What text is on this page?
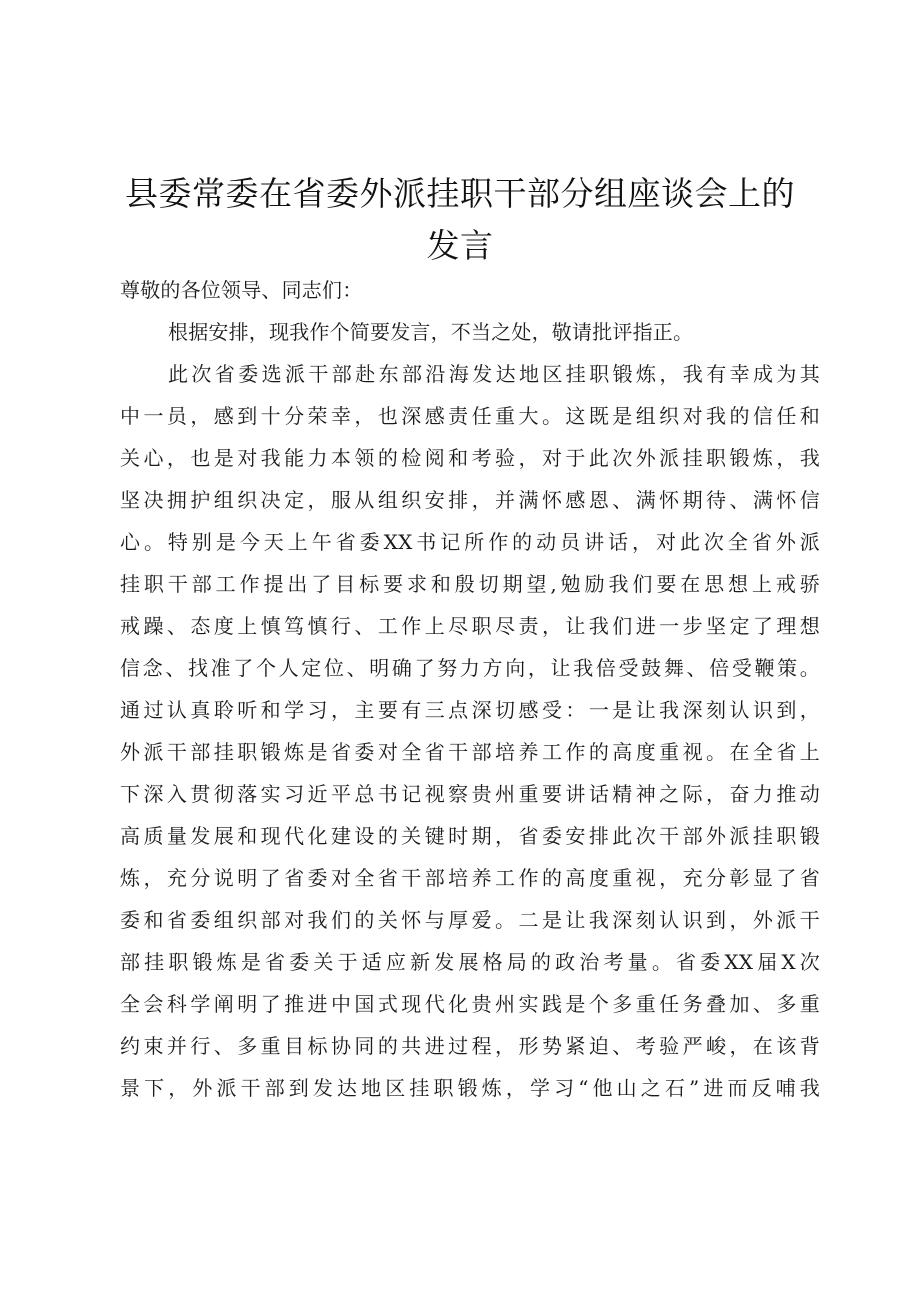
县委常委在省委外派挂职干部分组座谈会上的
发言
尊敬的各位领导、同志们：
根据安排，现我作个简要发言，不当之处，敬请批评指正。
此次省委选派干部赴东部沿海发达地区挂职锻炼，我有幸成为其
中一员，感到十分荣幸，也深感责任重大。这既是组织对我的信任和
关心，也是对我能力本领的检阅和考验，对于此次外派挂职锻炼，我
坚决拥护组织决定，服从组织安排，并满怀感恩、满怀期待、满怀信
心。特别是今天上午省委XX书记所作的动员讲话，对此次全省外派
挂职干部工作提出了目标要求和殷切期望,勉励我们要在思想上戒骄
戒躁、态度上慎笃慎行、工作上尽职尽责，让我们进一步坚定了理想
信念、找准了个人定位、明确了努力方向，让我倍受鼓舞、倍受鞭策。
通过认真聆听和学习，主要有三点深切感受：一是让我深刻认识到，
外派干部挂职锻炼是省委对全省干部培养工作的高度重视。在全省上
下深入贯彻落实习近平总书记视察贵州重要讲话精神之际，奋力推动
高质量发展和现代化建设的关键时期，省委安排此次干部外派挂职锻
炼，充分说明了省委对全省干部培养工作的高度重视，充分彰显了省
委和省委组织部对我们的关怀与厚爱。二是让我深刻认识到，外派干
部挂职锻炼是省委关于适应新发展格局的政治考量。省委XX届X次
全会科学阐明了推进中国式现代化贵州实践是个多重任务叠加、多重
约束并行、多重目标协同的共进过程，形势紧迫、考验严峻，在该背
景下，外派干部到发达地区挂职锻炼，学习“他山之石”进而反哺我
